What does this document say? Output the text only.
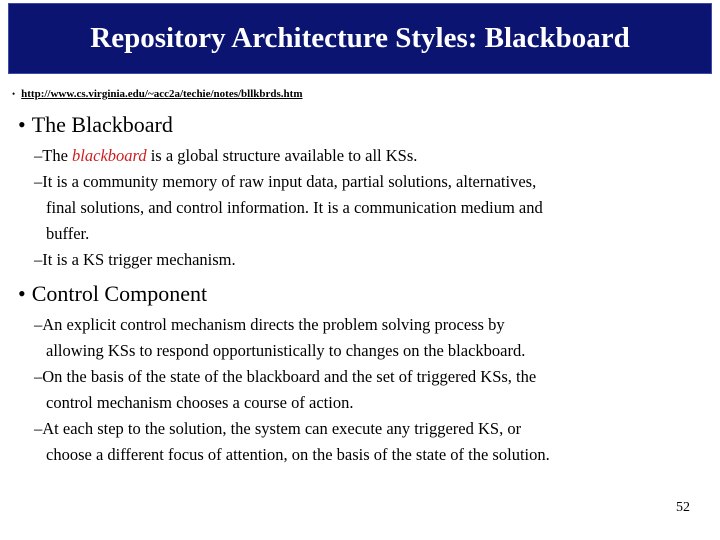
Repository Architecture Styles: Blackboard
• http://www.cs.virginia.edu/~acc2a/techie/notes/bllkbrds.htm
• The Blackboard
–The blackboard is a global structure available to all KSs.
–It is a community memory of raw input data, partial solutions, alternatives,
final solutions, and control information. It is a communication medium and
buffer.
–It is a KS trigger mechanism.
• Control Component
–An explicit control mechanism directs the problem solving process by
allowing KSs to respond opportunistically to changes on the blackboard.
–On the basis of the state of the blackboard and the set of triggered KSs, the
control mechanism chooses a course of action.
–At each step to the solution, the system can execute any triggered KS, or
choose a different focus of attention, on the basis of the state of the solution.
52
